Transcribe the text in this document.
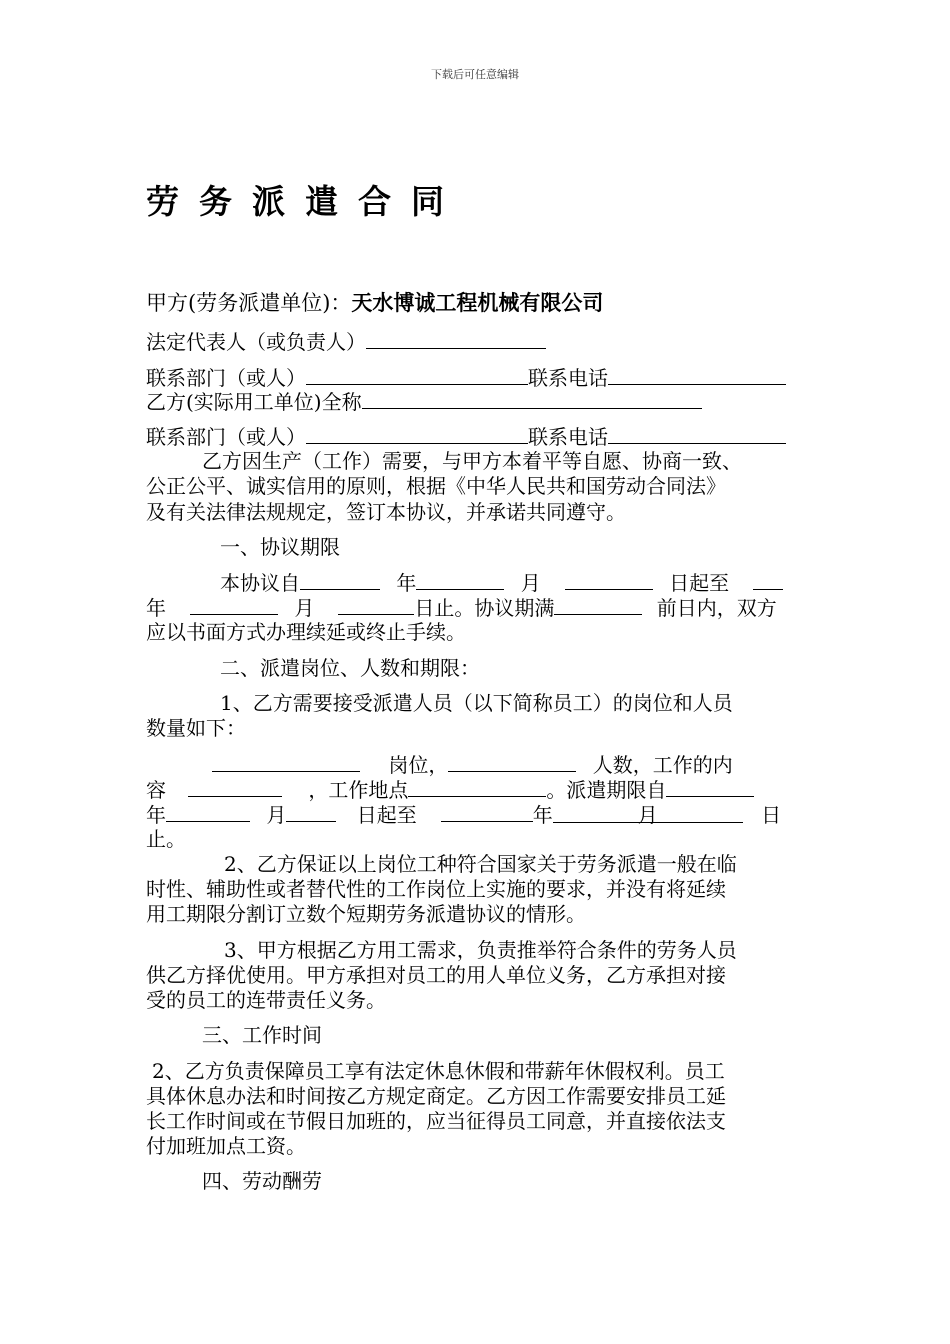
下载后可任意编辑
劳务派遣合同
甲方(劳务派遣单位)：天水博诚工程机械有限公司
法定代表人（或负责人）
联系部门（或人）	联系电话
乙方(实际用工单位)全称
联系部门（或人）	联系电话
乙方因生产（工作）需要，与甲方本着平等自愿、协商一致、
公正公平、诚实信用的原则，根据《中华人民共和国劳动合同法》
及有关法律法规规定，签订本协议，并承诺共同遵守。
一、协议期限
本协议自	年	月	日起至
年	月	日止。协议期满	前日内，双方
应以书面方式办理续延或终止手续。
二、派遣岗位、人数和期限：
1、乙方需要接受派遣人员（以下简称员工）的岗位和人员
数量如下：
岗位，	人数，工作的内
容	，工作地点	。派遣期限自
年	月	日起至	年	月	日
止。
2、乙方保证以上岗位工种符合国家关于劳务派遣一般在临
时性、辅助性或者替代性的工作岗位上实施的要求，并没有将延续
用工期限分割订立数个短期劳务派遣协议的情形。
3、甲方根据乙方用工需求，负责推举符合条件的劳务人员
供乙方择优使用。甲方承担对员工的用人单位义务，乙方承担对接
受的员工的连带责任义务。
三、工作时间
2、乙方负责保障员工享有法定休息休假和带薪年休假权利。员工
具体休息办法和时间按乙方规定商定。乙方因工作需要安排员工延
长工作时间或在节假日加班的，应当征得员工同意，并直接依法支
付加班加点工资。
四、劳动酬劳
